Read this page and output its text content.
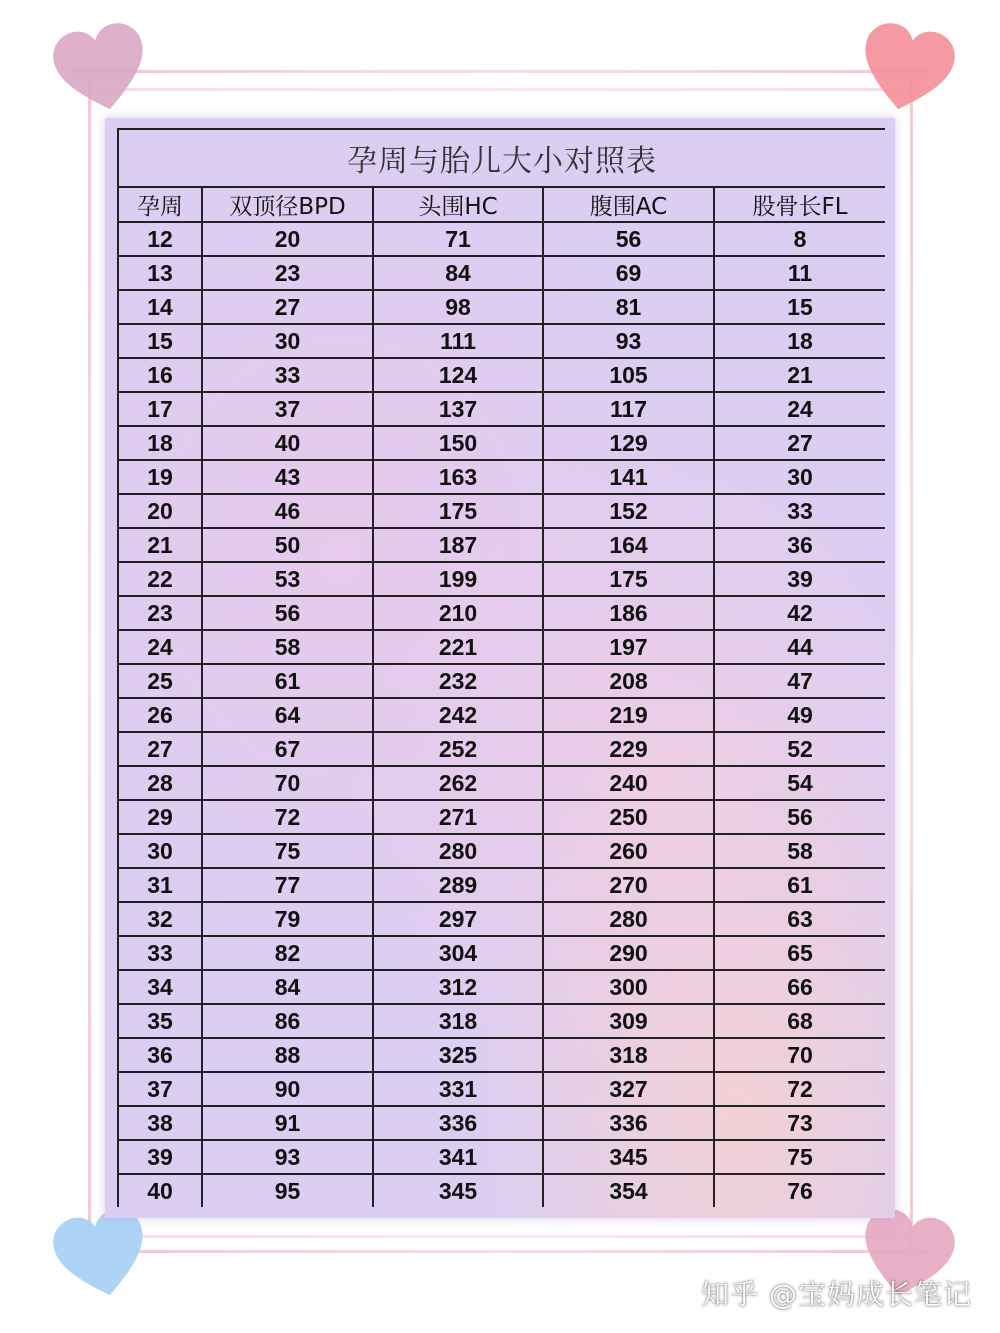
孕周与胎儿大小对照表
孕周	双顶径BPD	头围HC	腹围AC	股骨长FL
12	20	71	56	8
13	23	84	69	11
14	27	98	81	15
15	30	111	93	18
16	33	124	105	21
17	37	137	117	24
18	40	150	129	27
19	43	163	141	30
20	46	175	152	33
21	50	187	164	36
22	53	199	175	39
23	56	210	186	42
24	58	221	197	44
25	61	232	208	47
26	64	242	219	49
27	67	252	229	52
28	70	262	240	54
29	72	271	250	56
30	75	280	260	58
31	77	289	270	61
32	79	297	280	63
33	82	304	290	65
34	84	312	300	66
35	86	318	309	68
36	88	325	318	70
37	90	331	327	72
38	91	336	336	73
39	93	341	345	75
40	95	345	354	76
知乎 @宝妈成长笔记
